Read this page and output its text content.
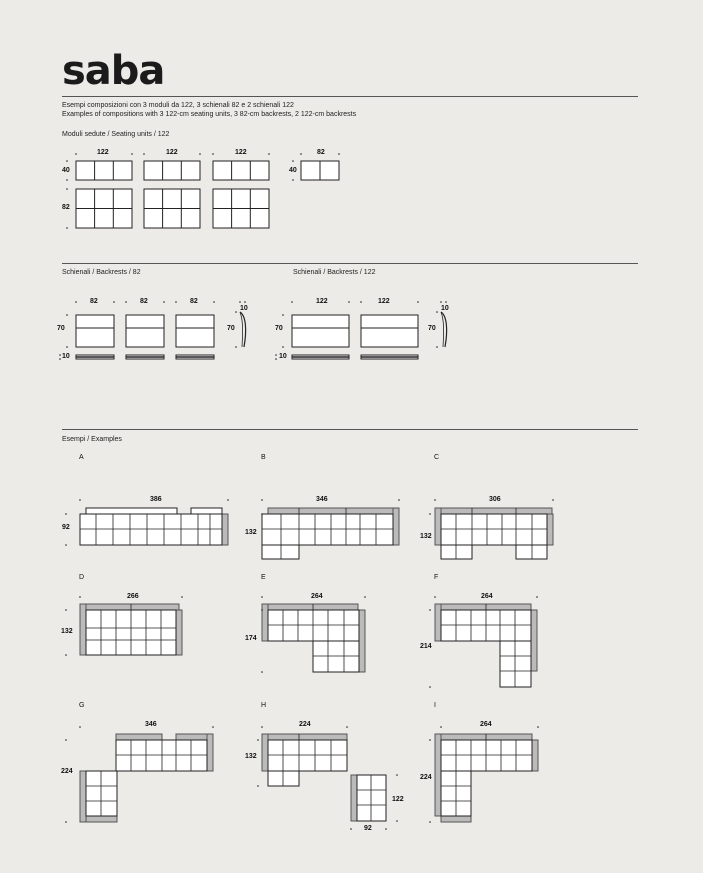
saba
Esempi composizioni con 3 moduli da 122, 3 schienali 82 e 2 schienali 122
Examples of compositions with 3 122-cm seating units, 3 82-cm backrests, 2 122-cm backrests
Moduli sedute / Seating units / 122
122	122	122	82
40	40
82
Schienali / Backrests / 82	Schienali / Backrests / 122
82	82	82
10
70	70
10
122	122
10
70	70
10
Esempi / Examples
A	B	C
D	E	F
G	H	I
386
92
346
132
306
132
266
132
264
174
264
214
346
224
224
132
122
92
264
224
